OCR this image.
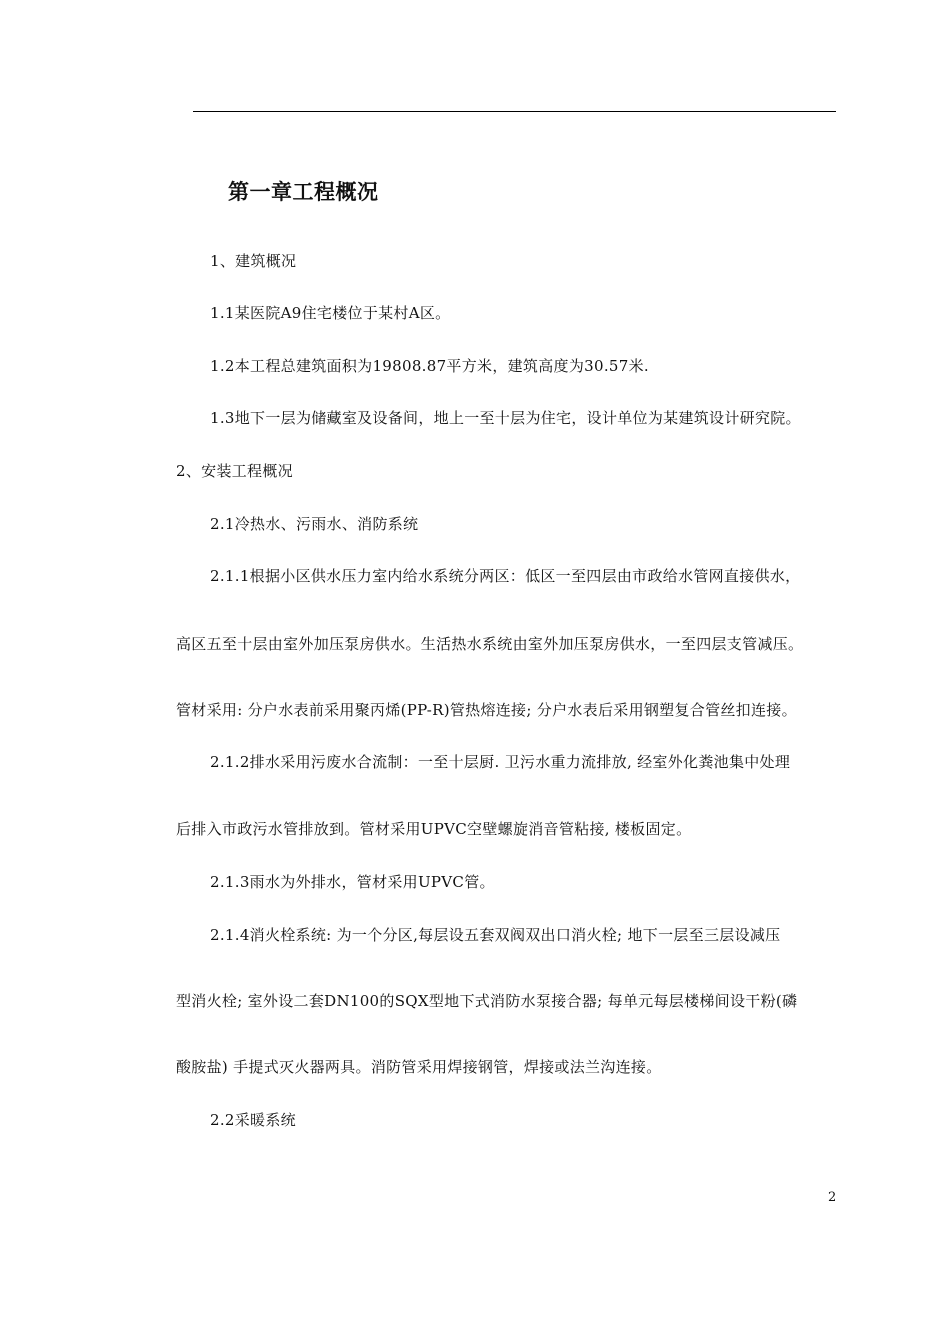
第一章工程概况
1、建筑概况
1.1某医院A9住宅楼位于某村A区。
1.2本工程总建筑面积为19808.87平方米，建筑高度为30.57米.
1.3地下一层为储藏室及设备间，地上一至十层为住宅，设计单位为某建筑设计研究院。
2、安装工程概况
2.1冷热水、污雨水、消防系统
2.1.1根据小区供水压力室内给水系统分两区：低区一至四层由市政给水管网直接供水，
高区五至十层由室外加压泵房供水。生活热水系统由室外加压泵房供水，一至四层支管减压。
管材采用: 分户水表前采用聚丙烯(PP-R)管热熔连接; 分户水表后采用钢塑复合管丝扣连接。
2.1.2排水采用污废水合流制：一至十层厨. 卫污水重力流排放, 经室外化粪池集中处理
后排入市政污水管排放到。管材采用UPVC空壁螺旋消音管粘接, 楼板固定。
2.1.3雨水为外排水，管材采用UPVC管。
2.1.4消火栓系统: 为一个分区,每层设五套双阀双出口消火栓; 地下一层至三层设减压
型消火栓; 室外设二套DN100的SQX型地下式消防水泵接合器; 每单元每层楼梯间设干粉(磷
酸胺盐) 手提式灭火器两具。消防管采用焊接钢管，焊接或法兰沟连接。
2.2采暖系统
2
